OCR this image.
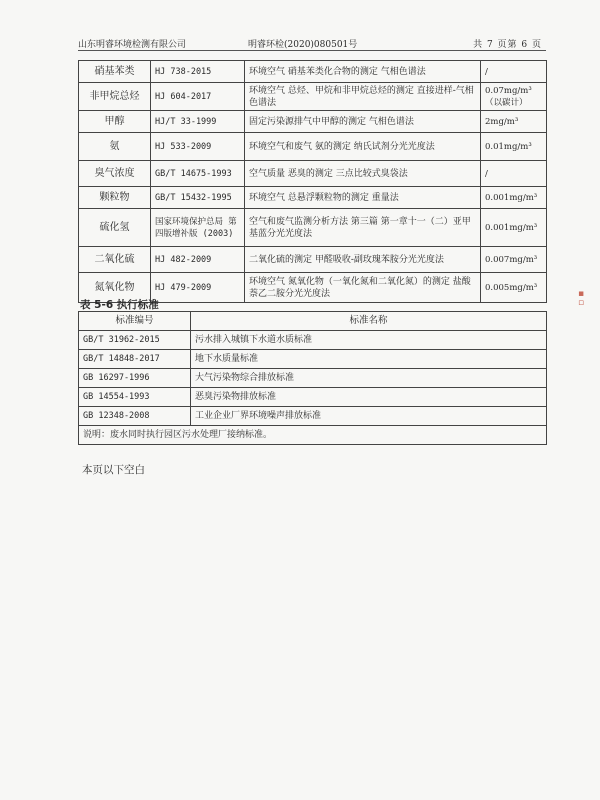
山东明睿环境检测有限公司	明睿环检(2020)080501号	共 7 页第 6 页
硝基苯类	HJ 738-2015	环境空气 硝基苯类化合物的测定 气相色谱法	/
非甲烷总烃	HJ 604-2017	环境空气 总烃、甲烷和非甲烷总烃的测定 直接进样-气相色谱法	0.07mg/m³（以碳计）
甲醇	HJ/T 33-1999	固定污染源排气中甲醇的测定 气相色谱法	2mg/m³
氨	HJ 533-2009	环境空气和废气 氨的测定 纳氏试剂分光光度法	0.01mg/m³
臭气浓度	GB/T 14675-1993	空气质量 恶臭的测定 三点比较式臭袋法	/
颗粒物	GB/T 15432-1995	环境空气 总悬浮颗粒物的测定 重量法	0.001mg/m³
硫化氢	国家环境保护总局 第四版增补版 (2003)	空气和废气监测分析方法 第三篇 第一章十一（二）亚甲基蓝分光光度法	0.001mg/m³
二氧化硫	HJ 482-2009	二氧化硫的测定 甲醛吸收-副玫瑰苯胺分光光度法	0.007mg/m³
氮氧化物	HJ 479-2009	环境空气 氮氧化物（一氧化氮和二氧化氮）的测定 盐酸萘乙二胺分光光度法	0.005mg/m³
表 5-6 执行标准
标准编号	标准名称
GB/T 31962-2015	污水排入城镇下水道水质标准
GB/T 14848-2017	地下水质量标准
GB 16297-1996	大气污染物综合排放标准
GB 14554-1993	恶臭污染物排放标准
GB 12348-2008	工业企业厂界环境噪声排放标准
说明：废水同时执行园区污水处理厂接纳标准。	
本页以下空白
▪
▫
